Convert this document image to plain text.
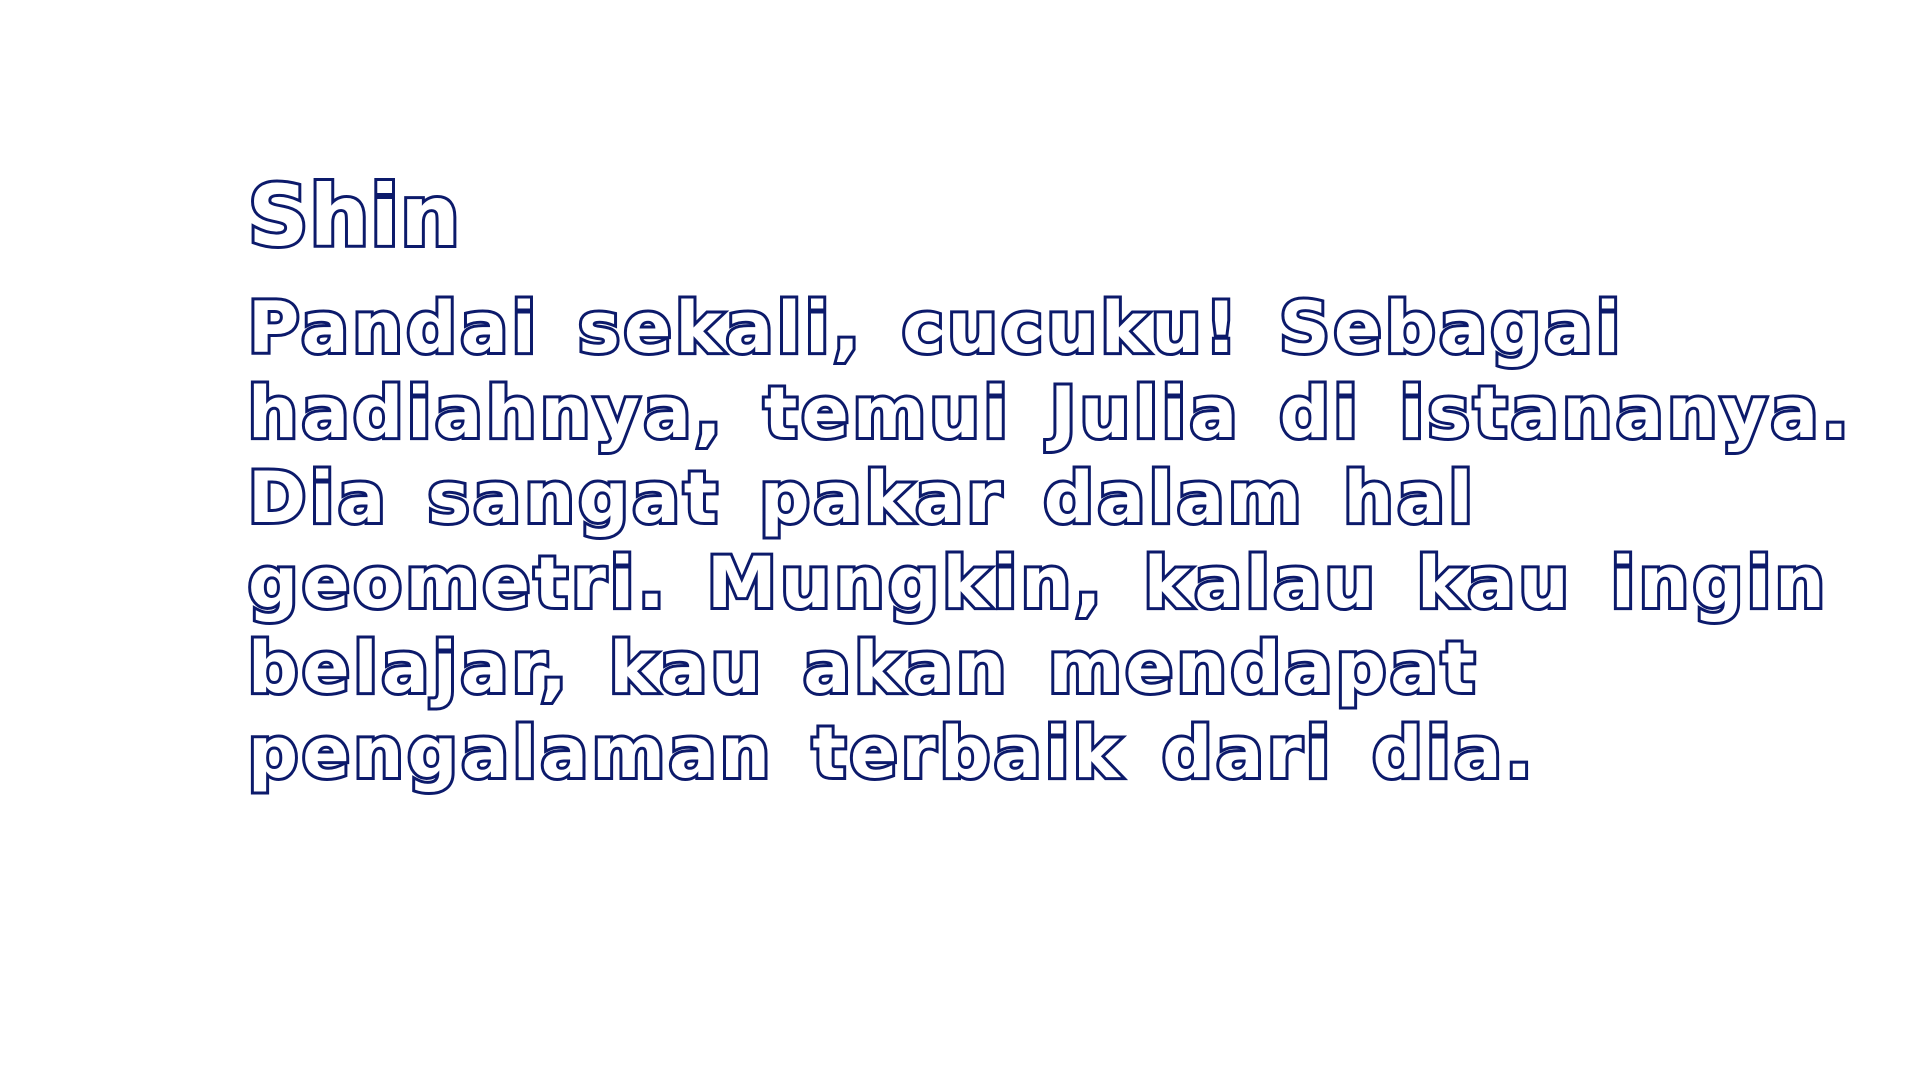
Shin
Pandai sekali, cucuku! Sebagai
hadiahnya, temui Julia di istananya.
Dia sangat pakar dalam hal
geometri. Mungkin, kalau kau ingin
belajar, kau akan mendapat
pengalaman terbaik dari dia.
